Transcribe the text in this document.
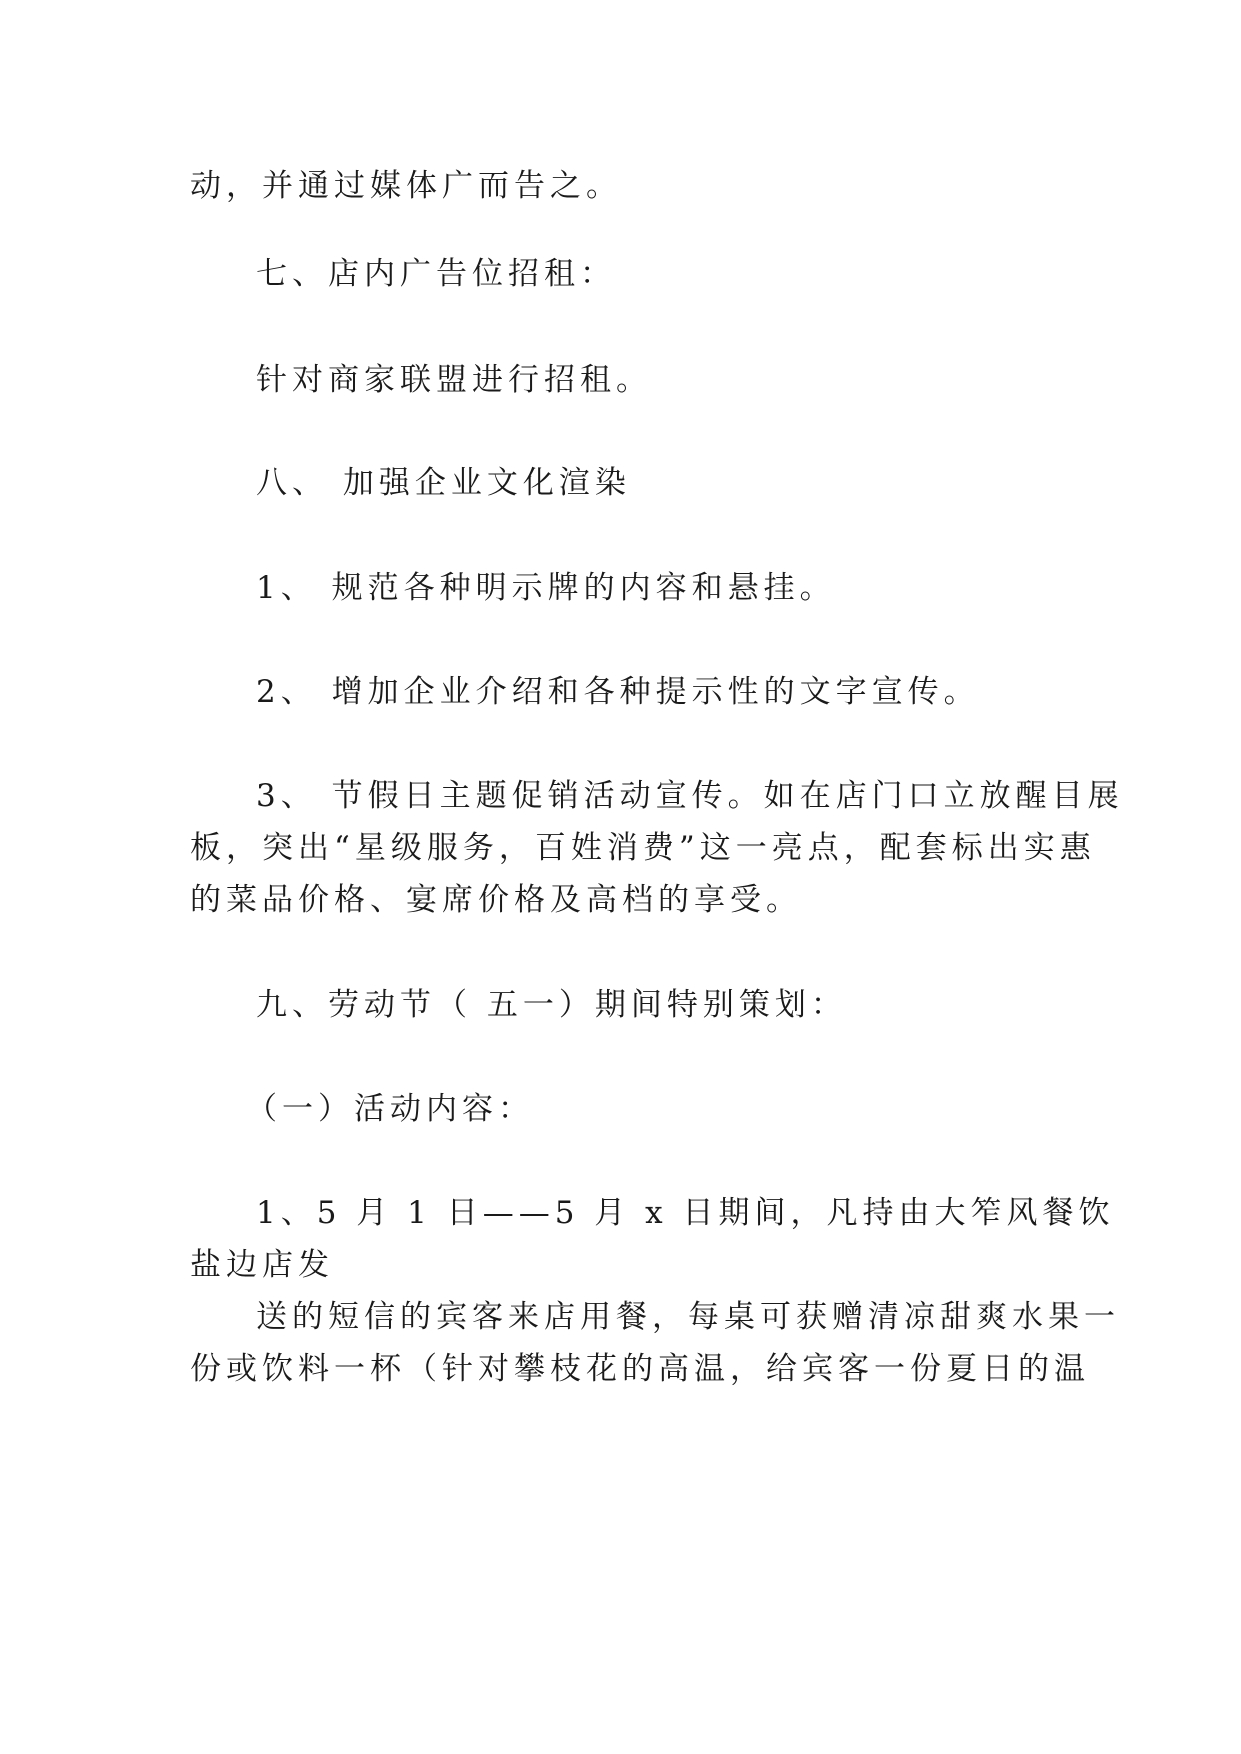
动，并通过媒体广而告之。
七、店内广告位招租：
针对商家联盟进行招租。
八、 加强企业文化渲染
1、 规范各种明示牌的内容和悬挂。
2、 增加企业介绍和各种提示性的文字宣传。
3、 节假日主题促销活动宣传。如在店门口立放醒目展
板，突出“星级服务，百姓消费”这一亮点，配套标出实惠
的菜品价格、宴席价格及高档的享受。
九、劳动节（ 五一）期间特别策划：
（一）活动内容：
1、5 月 1 日——5 月 x 日期间，凡持由大笮风餐饮
盐边店发
送的短信的宾客来店用餐，每桌可获赠清凉甜爽水果一
份或饮料一杯（针对攀枝花的高温，给宾客一份夏日的温
